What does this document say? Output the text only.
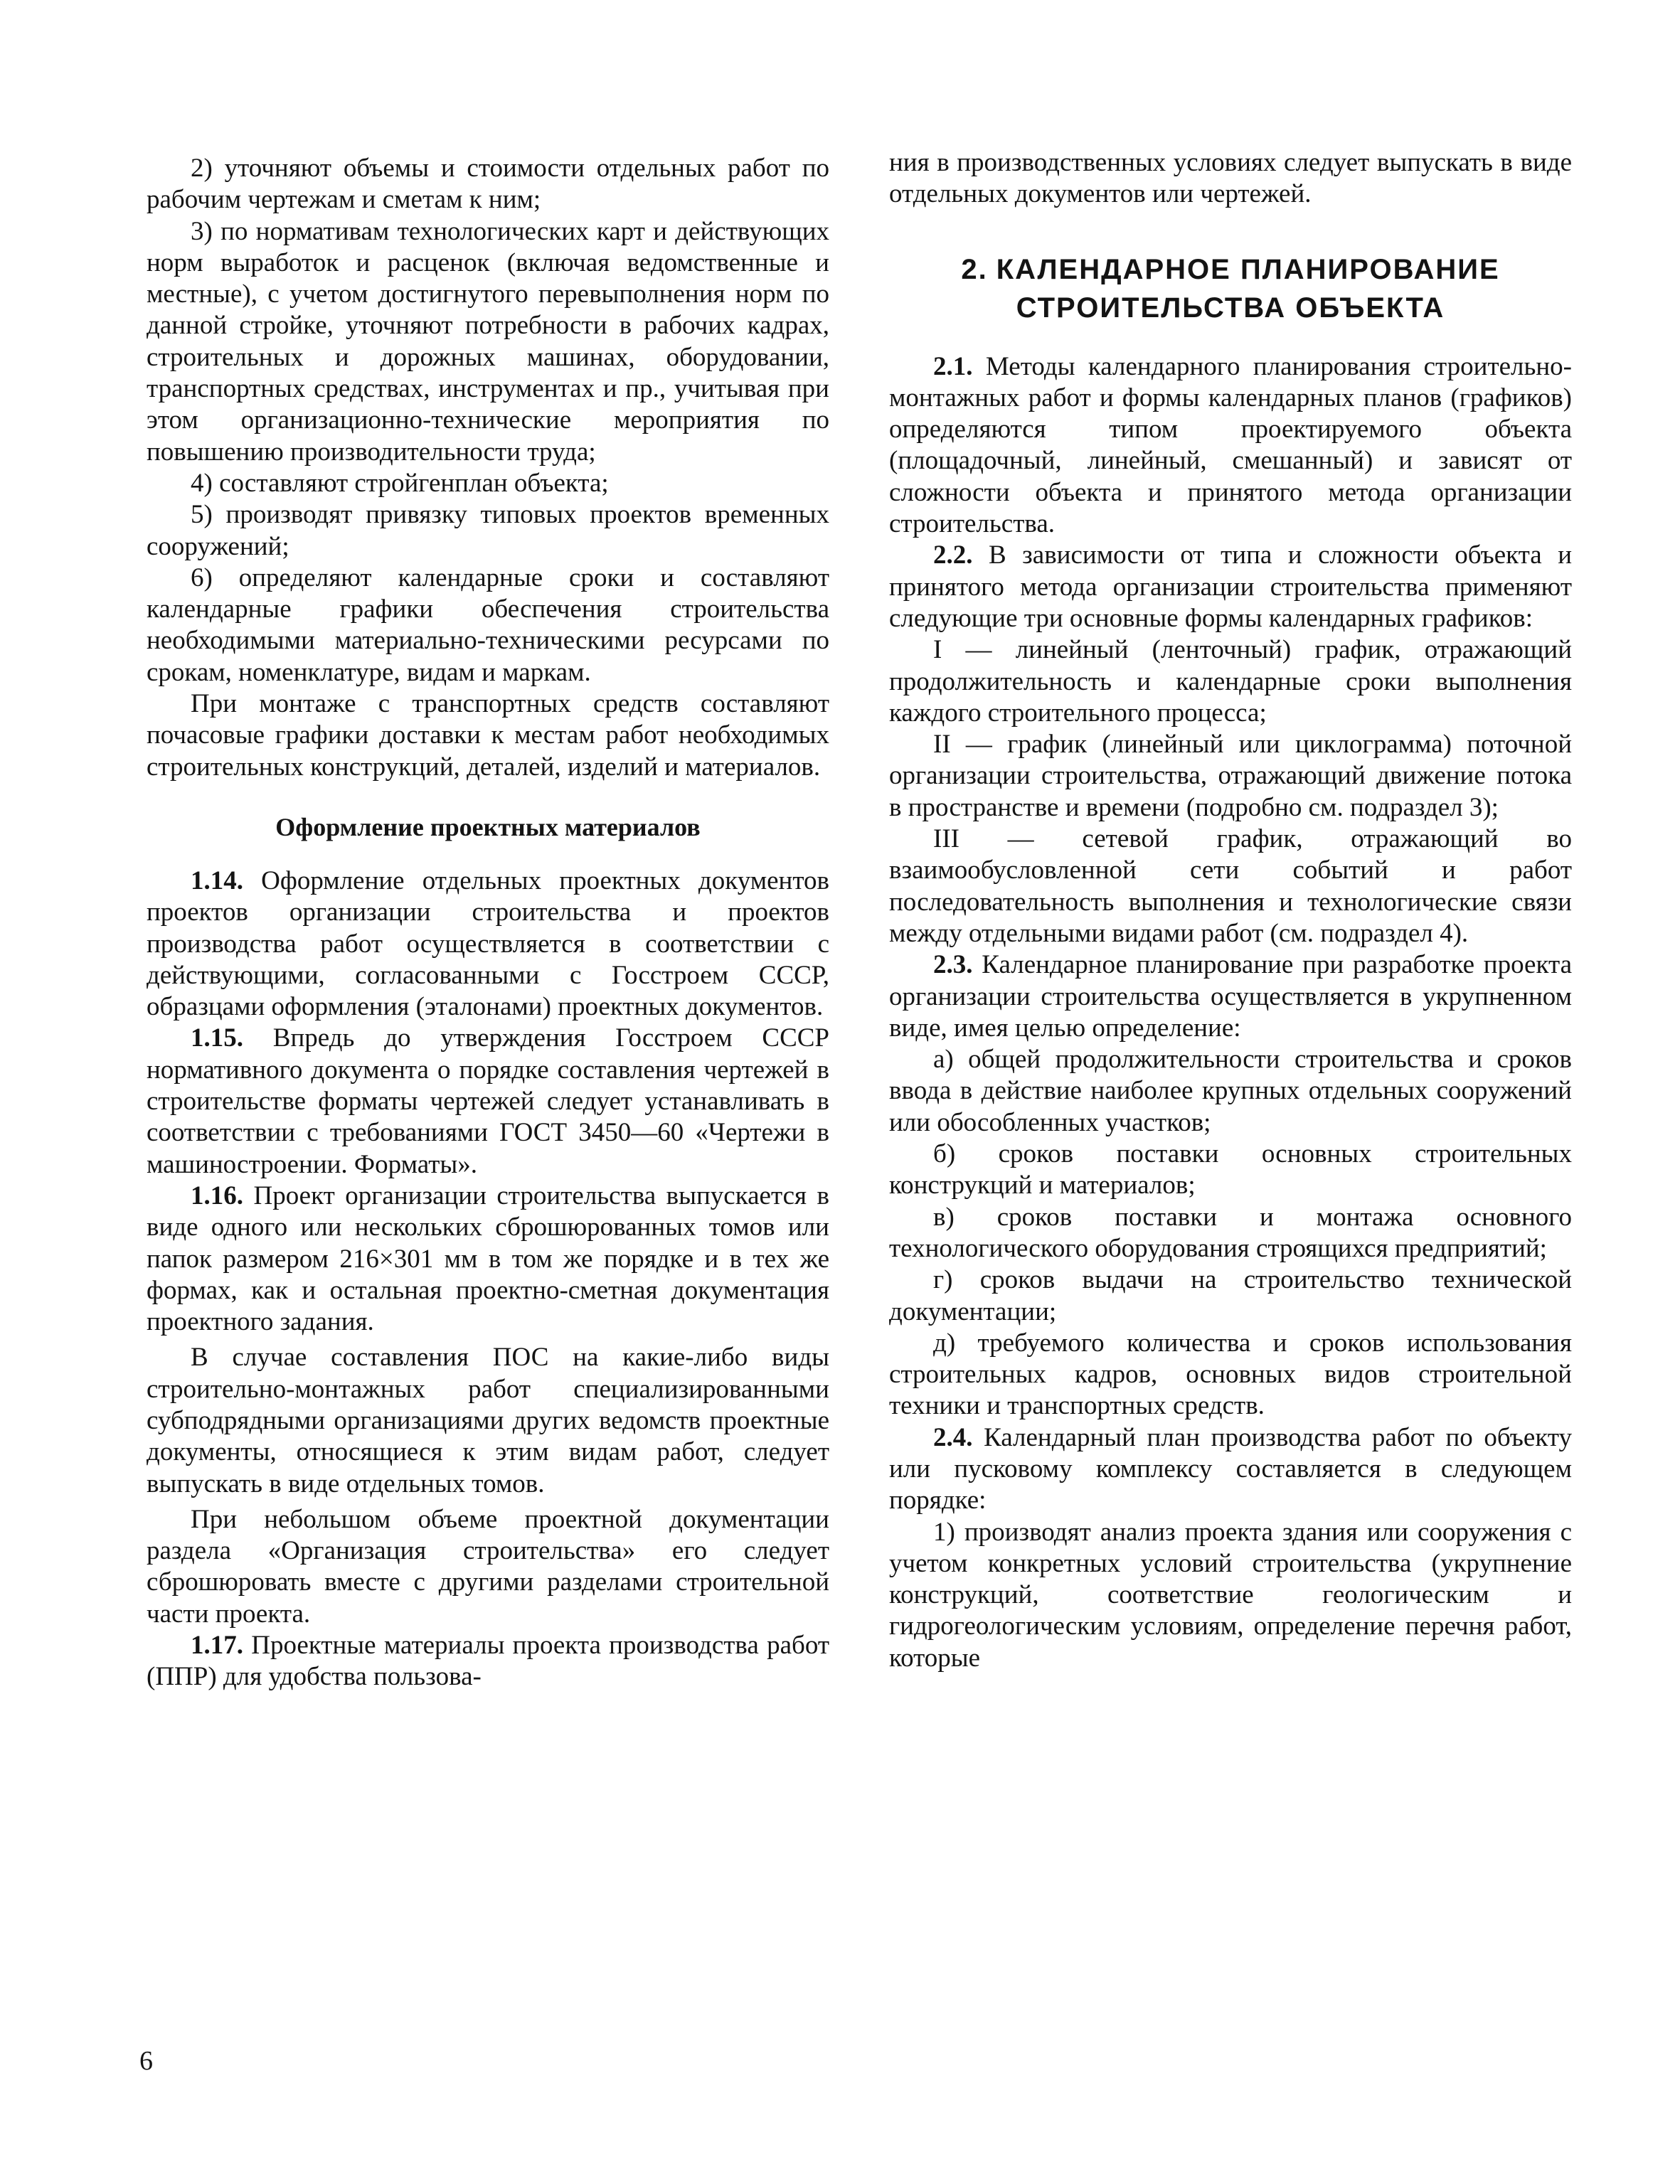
2) уточняют объемы и стоимости отдельных работ по рабочим чертежам и сметам к ним;

3) по нормативам технологических карт и действующих норм выработок и расценок (включая ведомственные и местные), с учетом достигнутого перевыполнения норм по данной стройке, уточняют потребности в рабочих кадрах, строительных и дорожных машинах, оборудовании, транспортных средствах, инструментах и пр., учитывая при этом организационно-технические мероприятия по повышению производительности труда;

4) составляют стройгенплан объекта;

5) производят привязку типовых проектов временных сооружений;

6) определяют календарные сроки и составляют календарные графики обеспечения строительства необходимыми материально-техническими ресурсами по срокам, номенклатуре, видам и маркам.

При монтаже с транспортных средств составляют почасовые графики доставки к местам работ необходимых строительных конструкций, деталей, изделий и материалов.

Оформление проектных материалов

1.14. Оформление отдельных проектных документов проектов организации строительства и проектов производства работ осуществляется в соответствии с действующими, согласованными с Госстроем СССР, образцами оформления (эталонами) проектных документов.

1.15. Впредь до утверждения Госстроем СССР нормативного документа о порядке составления чертежей в строительстве форматы чертежей следует устанавливать в соответствии с требованиями ГОСТ 3450—60 «Чертежи в машиностроении. Форматы».

1.16. Проект организации строительства выпускается в виде одного или нескольких сброшюрованных томов или папок размером 216×301 мм в том же порядке и в тех же формах, как и остальная проектно-сметная документация проектного задания.

В случае составления ПОС на какие-либо виды строительно-монтажных работ специализированными субподрядными организациями других ведомств проектные документы, относящиеся к этим видам работ, следует выпускать в виде отдельных томов.

При небольшом объеме проектной документации раздела «Организация строительства» его следует сброшюровать вместе с другими разделами строительной части проекта.

1.17. Проектные материалы проекта производства работ (ППР) для удобства пользова-

ния в производственных условиях следует выпускать в виде отдельных документов или чертежей.

2. КАЛЕНДАРНОЕ ПЛАНИРОВАНИЕ
СТРОИТЕЛЬСТВА ОБЪЕКТА

2.1. Методы календарного планирования строительно-монтажных работ и формы календарных планов (графиков) определяются типом проектируемого объекта (площадочный, линейный, смешанный) и зависят от сложности объекта и принятого метода организации строительства.

2.2. В зависимости от типа и сложности объекта и принятого метода организации строительства применяют следующие три основные формы календарных графиков:

I — линейный (ленточный) график, отражающий продолжительность и календарные сроки выполнения каждого строительного процесса;

II — график (линейный или циклограмма) поточной организации строительства, отражающий движение потока в пространстве и времени (подробно см. подраздел 3);

III — сетевой график, отражающий во взаимообусловленной сети событий и работ последовательность выполнения и технологические связи между отдельными видами работ (см. подраздел 4).

2.3. Календарное планирование при разработке проекта организации строительства осуществляется в укрупненном виде, имея целью определение:

а) общей продолжительности строительства и сроков ввода в действие наиболее крупных отдельных сооружений или обособленных участков;

б) сроков поставки основных строительных конструкций и материалов;

в) сроков поставки и монтажа основного технологического оборудования строящихся предприятий;

г) сроков выдачи на строительство технической документации;

д) требуемого количества и сроков использования строительных кадров, основных видов строительной техники и транспортных средств.

2.4. Календарный план производства работ по объекту или пусковому комплексу составляется в следующем порядке:

1) производят анализ проекта здания или сооружения с учетом конкретных условий строительства (укрупнение конструкций, соответствие геологическим и гидрогеологическим условиям, определение перечня работ, которые

6
